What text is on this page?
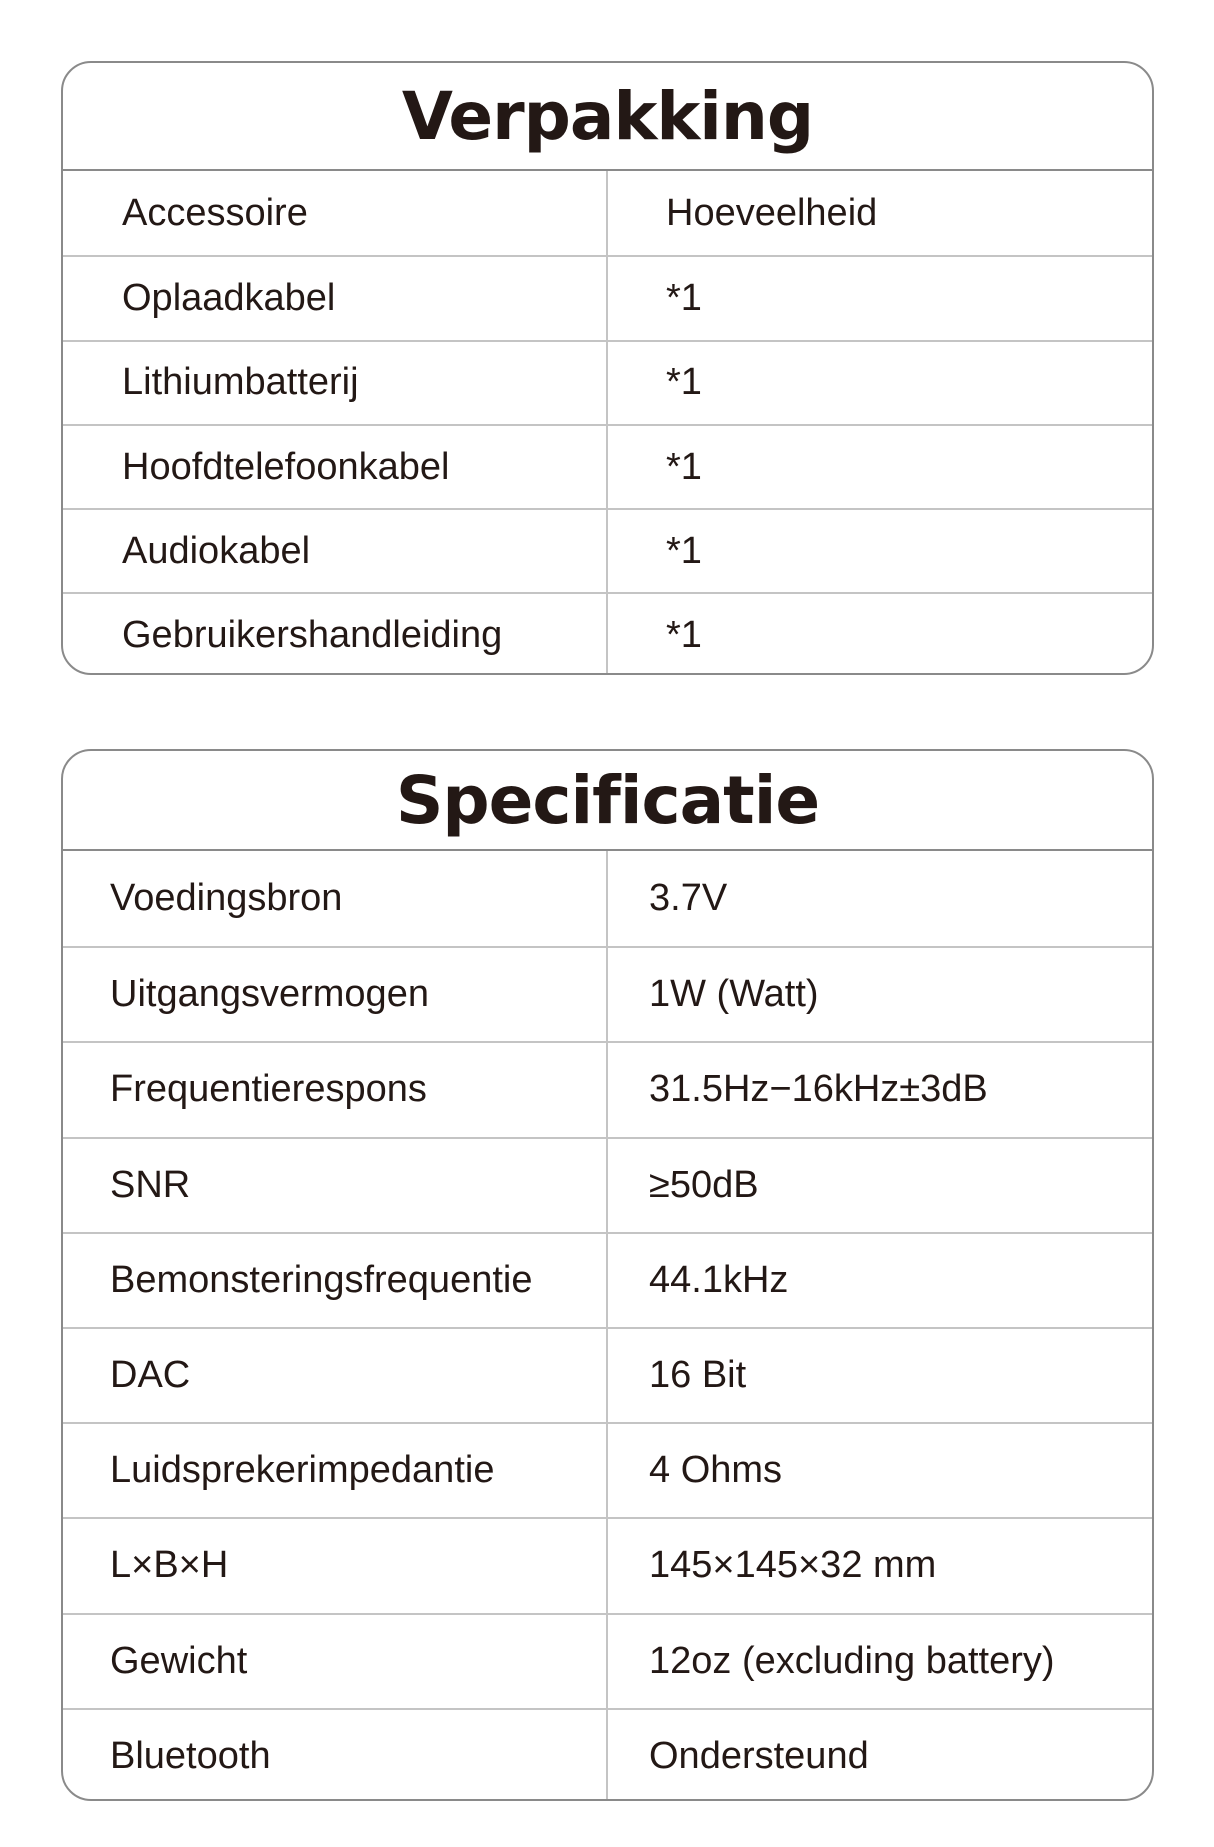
Verpakking
Accessoire	Hoeveelheid
Oplaadkabel	*1
Lithiumbatterij	*1
Hoofdtelefoonkabel	*1
Audiokabel	*1
Gebruikershandleiding	*1
Specificatie
Voedingsbron	3.7V
Uitgangsvermogen	1W (Watt)
Frequentierespons	31.5Hz−16kHz±3dB
SNR	≥50dB
Bemonsteringsfrequentie	44.1kHz
DAC	16 Bit
Luidsprekerimpedantie	4 Ohms
L×B×H	145×145×32 mm
Gewicht	12oz (excluding battery)
Bluetooth	Ondersteund
